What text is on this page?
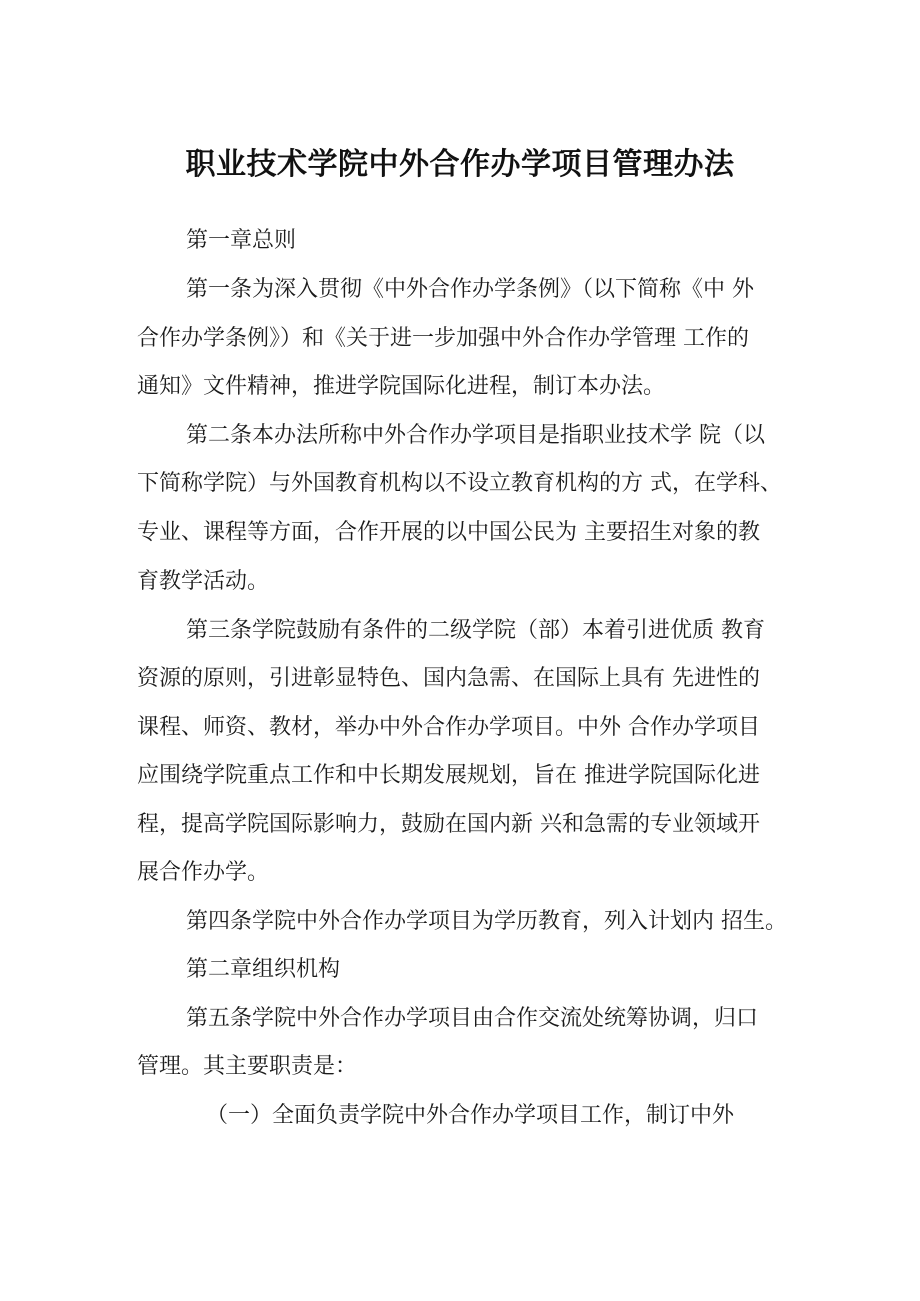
职业技术学院中外合作办学项目管理办法

第一章总则

第一条为深入贯彻《中外合作办学条例》（以下简称《中 外

合作办学条例》）和《关于进一步加强中外合作办学管理 工作的

通知》文件精神，推进学院国际化进程，制订本办法。

第二条本办法所称中外合作办学项目是指职业技术学 院（以

下简称学院）与外国教育机构以不设立教育机构的方 式，在学科、

专业、课程等方面，合作开展的以中国公民为 主要招生对象的教

育教学活动。

第三条学院鼓励有条件的二级学院（部）本着引进优质 教育

资源的原则，引进彰显特色、国内急需、在国际上具有 先进性的

课程、师资、教材，举办中外合作办学项目。中外 合作办学项目

应围绕学院重点工作和中长期发展规划，旨在 推进学院国际化进

程，提高学院国际影响力，鼓励在国内新 兴和急需的专业领域开

展合作办学。

第四条学院中外合作办学项目为学历教育，列入计划内 招生。

第二章组织机构

第五条学院中外合作办学项目由合作交流处统筹协调，归口

管理。其主要职责是：

（一）全面负责学院中外合作办学项目工作，制订中外
